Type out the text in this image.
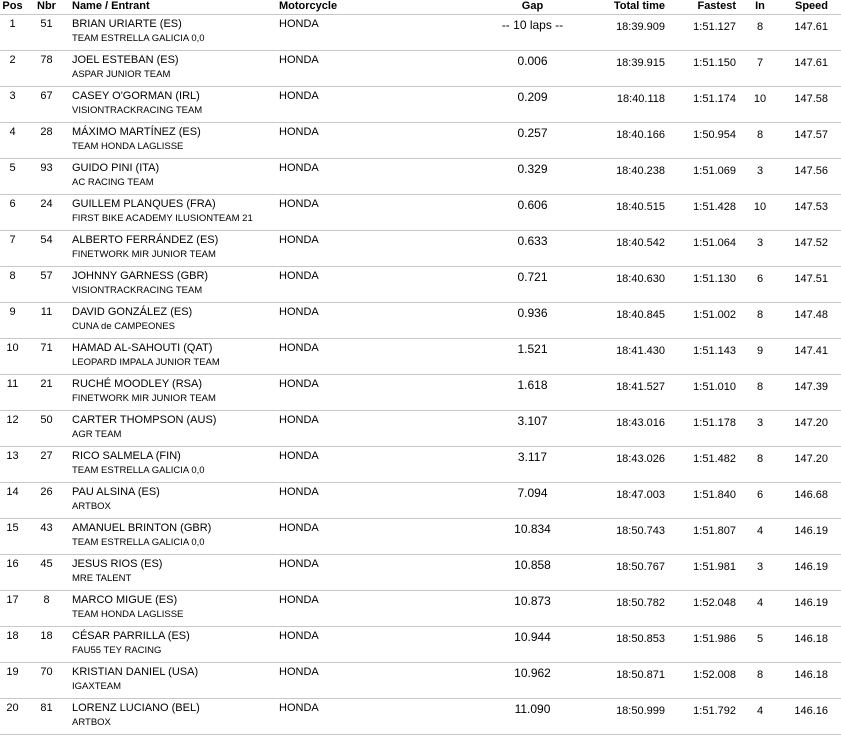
Pos	Nbr	Name / Entrant	Motorcycle	Gap	Total time	Fastest	In	Speed
1	51	BRIAN URIARTE (ES)
TEAM ESTRELLA GALICIA 0,0
HONDA	-- 10 laps --	18:39.909	1:51.127	8	147.61
2	78	JOEL ESTEBAN (ES)
ASPAR JUNIOR TEAM
HONDA	0.006	18:39.915	1:51.150	7	147.61
3	67	CASEY O'GORMAN (IRL)
VISIONTRACKRACING TEAM
HONDA	0.209	18:40.118	1:51.174	10	147.58
4	28	MÁXIMO MARTÍNEZ (ES)
TEAM HONDA LAGLISSE
HONDA	0.257	18:40.166	1:50.954	8	147.57
5	93	GUIDO PINI (ITA)
AC RACING TEAM
HONDA	0.329	18:40.238	1:51.069	3	147.56
6	24	GUILLEM PLANQUES (FRA)
FIRST BIKE ACADEMY ILUSIONTEAM 21
HONDA	0.606	18:40.515	1:51.428	10	147.53
7	54	ALBERTO FERRÁNDEZ (ES)
FINETWORK MIR JUNIOR TEAM
HONDA	0.633	18:40.542	1:51.064	3	147.52
8	57	JOHNNY GARNESS (GBR)
VISIONTRACKRACING TEAM
HONDA	0.721	18:40.630	1:51.130	6	147.51
9	11	DAVID GONZÁLEZ (ES)
CUNA de CAMPEONES
HONDA	0.936	18:40.845	1:51.002	8	147.48
10	71	HAMAD AL-SAHOUTI (QAT)
LEOPARD IMPALA JUNIOR TEAM
HONDA	1.521	18:41.430	1:51.143	9	147.41
11	21	RUCHÉ MOODLEY (RSA)
FINETWORK MIR JUNIOR TEAM
HONDA	1.618	18:41.527	1:51.010	8	147.39
12	50	CARTER THOMPSON (AUS)
AGR TEAM
HONDA	3.107	18:43.016	1:51.178	3	147.20
13	27	RICO SALMELA (FIN)
TEAM ESTRELLA GALICIA 0,0
HONDA	3.117	18:43.026	1:51.482	8	147.20
14	26	PAU ALSINA (ES)
ARTBOX
HONDA	7.094	18:47.003	1:51.840	6	146.68
15	43	AMANUEL BRINTON (GBR)
TEAM ESTRELLA GALICIA 0,0
HONDA	10.834	18:50.743	1:51.807	4	146.19
16	45	JESUS RIOS (ES)
MRE TALENT
HONDA	10.858	18:50.767	1:51.981	3	146.19
17	8	MARCO MIGUE (ES)
TEAM HONDA LAGLISSE
HONDA	10.873	18:50.782	1:52.048	4	146.19
18	18	CÉSAR PARRILLA (ES)
FAU55 TEY RACING
HONDA	10.944	18:50.853	1:51.986	5	146.18
19	70	KRISTIAN DANIEL (USA)
IGAXTEAM
HONDA	10.962	18:50.871	1:52.008	8	146.18
20	81	LORENZ LUCIANO (BEL)
ARTBOX
HONDA	11.090	18:50.999	1:51.792	4	146.16
